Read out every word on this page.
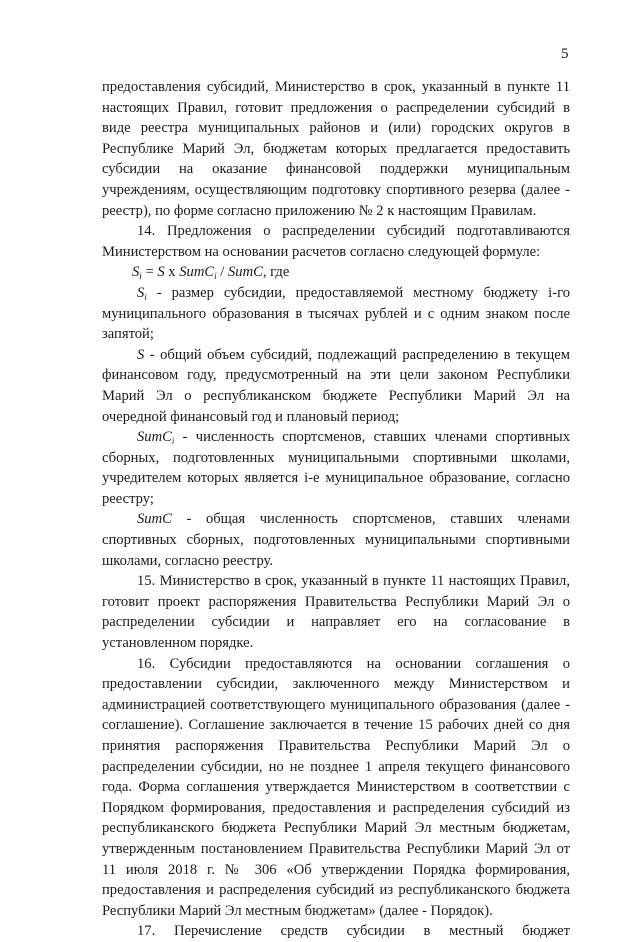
5

предоставления субсидий, Министерство в срок, указанный в пункте 11 настоящих Правил, готовит предложения о распределении субсидий в виде реестра муниципальных районов и (или) городских округов в Республике Марий Эл, бюджетам которых предлагается предоставить субсидии на оказание финансовой поддержки муниципальным учреждениям, осуществляющим подготовку спортивного резерва (далее - реестр), по форме согласно приложению № 2 к настоящим Правилам.

14. Предложения о распределении субсидий подготавливаются Министерством на основании расчетов согласно следующей формуле:

$S_i = S$ x SumC$_i$ / SumC, где

$S_i$ - размер субсидии, предоставляемой местному бюджету i-го муниципального образования в тысячах рублей и с одним знаком после запятой;

S - общий объем субсидий, подлежащий распределению в текущем финансовом году, предусмотренный на эти цели законом Республики Марий Эл о республиканском бюджете Республики Марий Эл на очередной финансовый год и плановый период;

SumC$_i$ - численность спортсменов, ставших членами спортивных сборных, подготовленных муниципальными спортивными школами, учредителем которых является i-е муниципальное образование, согласно реестру;

SumC - общая численность спортсменов, ставших членами спортивных сборных, подготовленных муниципальными спортивными школами, согласно реестру.

15. Министерство в срок, указанный в пункте 11 настоящих Правил, готовит проект распоряжения Правительства Республики Марий Эл о распределении субсидии и направляет его на согласование в установленном порядке.

16. Субсидии предоставляются на основании соглашения о предоставлении субсидии, заключенного между Министерством и администрацией соответствующего муниципального образования (далее - соглашение). Соглашение заключается в течение 15 рабочих дней со дня принятия распоряжения Правительства Республики Марий Эл о распределении субсидии, но не позднее 1 апреля текущего финансового года. Форма соглашения утверждается Министерством в соответствии с Порядком формирования, предоставления и распределения субсидий из республиканского бюджета Республики Марий Эл местным бюджетам, утвержденным постановлением Правительства Республики Марий Эл от 11 июля 2018 г. № 306 «Об утверждении Порядка формирования, предоставления и распределения субсидий из республиканского бюджета Республики Марий Эл местным бюджетам» (далее - Порядок).

17. Перечисление средств субсидии в местный бюджет
